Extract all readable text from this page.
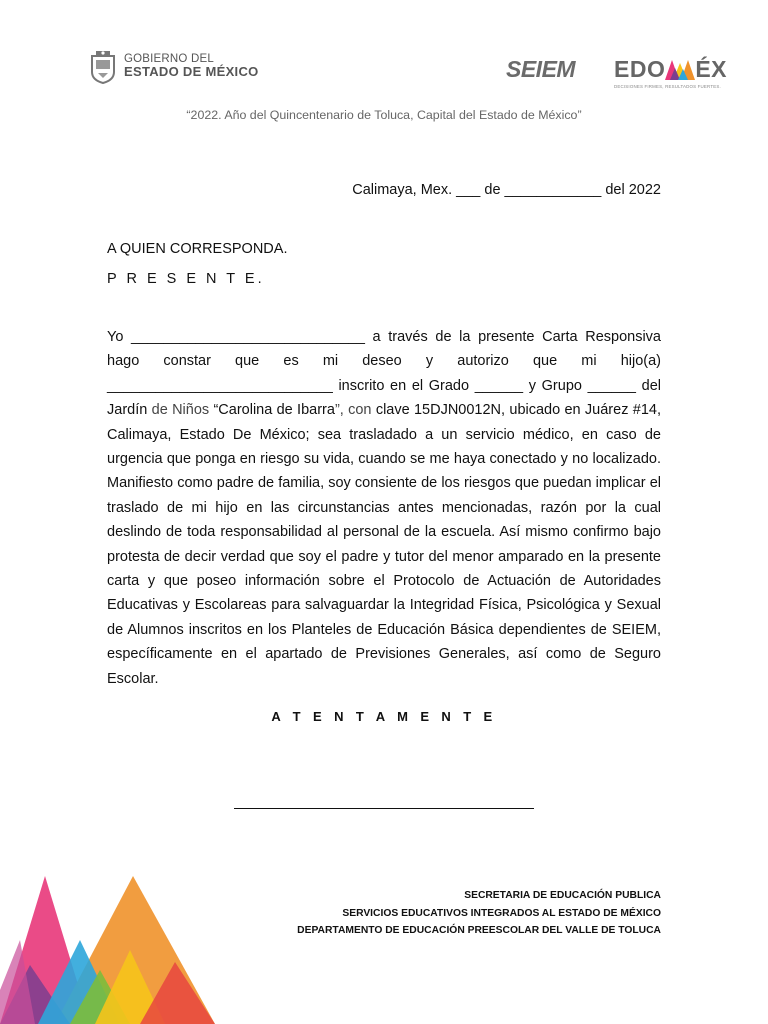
GOBIERNO DEL
ESTADO DE MÉXICO	SEIEM EDO ÉX
DECISIONES FIRMES, RESULTADOS FUERTES.
“2022. Año del Quincentenario de Toluca, Capital del Estado de México”
Calimaya, Mex. ___ de ____________ del 2022
A QUIEN CORRESPONDA.
P R E S E N T E.

Yo _____________________________ a través de la presente Carta Responsiva hago constar que es mi deseo y autorizo que mi hijo(a) ____________________________ inscrito en el Grado ______ y Grupo ______ del Jardín de Niños “Carolina de Ibarra”, con clave 15DJN0012N, ubicado en Juárez #14, Calimaya, Estado De México; sea trasladado a un servicio médico, en caso de urgencia que ponga en riesgo su vida, cuando se me haya conectado y no localizado. Manifiesto como padre de familia, soy consiente de los riesgos que puedan implicar el traslado de mi hijo en las circunstancias antes mencionadas, razón por la cual deslindo de toda responsabilidad al personal de la escuela. Así mismo confirmo bajo protesta de decir verdad que soy el padre y tutor del menor amparado en la presente carta y que poseo información sobre el Protocolo de Actuación de Autoridades Educativas y Escolareas para salvaguardar la Integridad Física, Psicológica y Sexual de Alumnos inscritos en los Planteles de Educación Básica dependientes de SEIEM, específicamente en el apartado de Previsiones Generales, así como de Seguro Escolar.

A T E N T A M E N T E
SECRETARIA DE EDUCACIÓN PUBLICA
SERVICIOS EDUCATIVOS INTEGRADOS AL ESTADO DE MÉXICO
DEPARTAMENTO DE EDUCACIÓN PREESCOLAR DEL VALLE DE TOLUCA
